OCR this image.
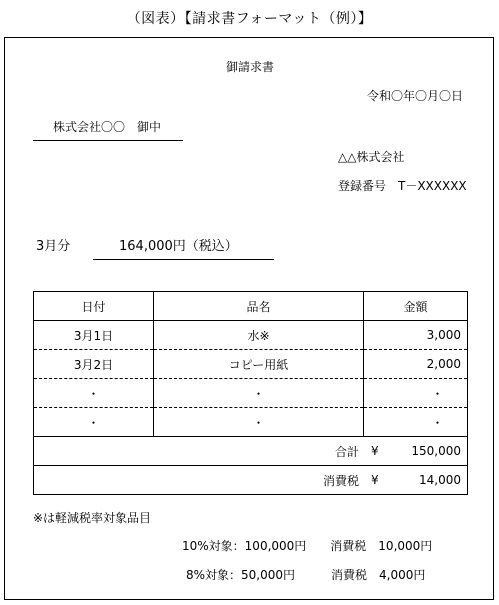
（図表）【請求書フォーマット（例）】
御請求書
令和〇年〇月〇日
株式会社〇〇　御中
△△株式会社
登録番号　T－XXXXXX
3月分	164,000円（税込）
日付	品名	金額
3月1日	水※	3,000
3月2日	コピー用紙	2,000
・	・	・
・	・	・

合計 ¥ 150,000		

消費税 ¥ 14,000		
※は軽減税率対象品目
10%対象：100,000円　　消費税　10,000円
8%対象：50,000円　　　消費税　4,000円
